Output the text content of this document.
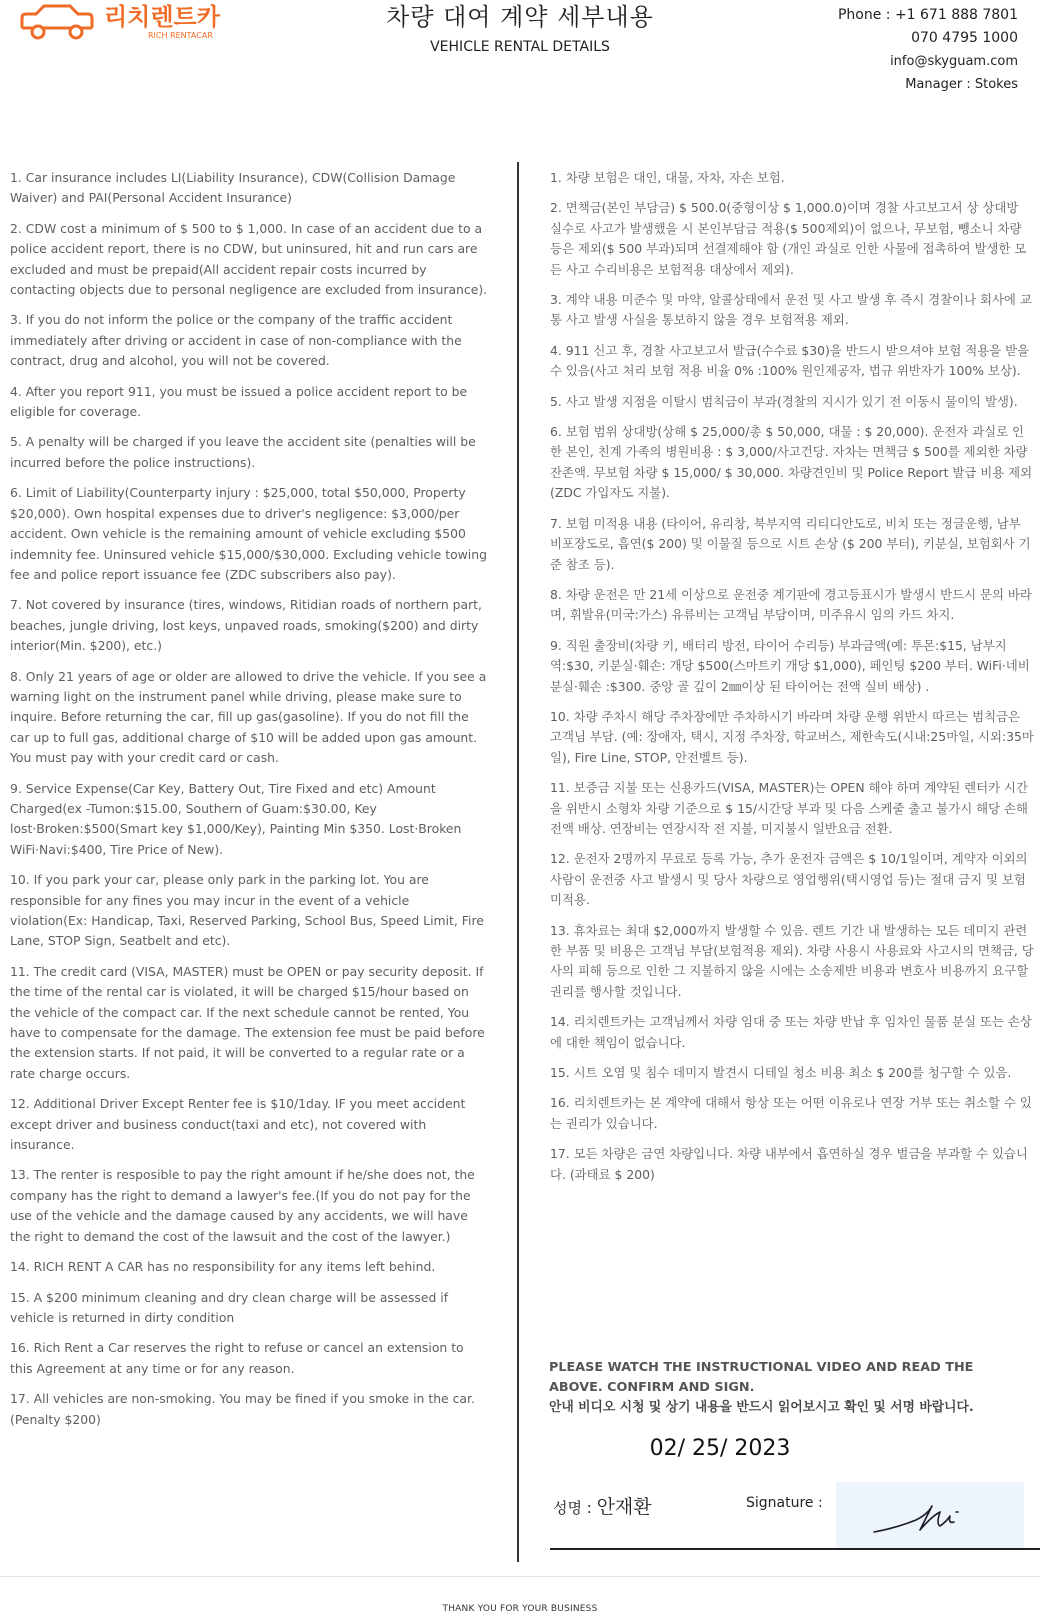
리치렌트카
RICH RENTACAR
차량 대여 계약 세부내용
VEHICLE RENTAL DETAILS
Phone : +1 671 888 7801
070 4795 1000
info@skyguam.com
Manager : Stokes

1. Car insurance includes LI(Liability Insurance), CDW(Collision Damage Waiver) and PAI(Personal Accident Insurance)

2. CDW cost a minimum of $ 500 to $ 1,000. In case of an accident due to a police accident report, there is no CDW, but uninsured, hit and run cars are excluded and must be prepaid(All accident repair costs incurred by contacting objects due to personal negligence are excluded from insurance).

3. If you do not inform the police or the company of the traffic accident immediately after driving or accident in case of non-compliance with the contract, drug and alcohol, you will not be covered.

4. After you report 911, you must be issued a police accident report to be eligible for coverage.

5. A penalty will be charged if you leave the accident site (penalties will be incurred before the police instructions).

6. Limit of Liability(Counterparty injury : $25,000, total $50,000, Property $20,000). Own hospital expenses due to driver's negligence: $3,000/per accident. Own vehicle is the remaining amount of vehicle excluding $500 indemnity fee. Uninsured vehicle $15,000/$30,000. Excluding vehicle towing fee and police report issuance fee (ZDC subscribers also pay).

7. Not covered by insurance (tires, windows, Ritidian roads of northern part, beaches, jungle driving, lost keys, unpaved roads, smoking($200) and dirty interior(Min. $200), etc.)

8. Only 21 years of age or older are allowed to drive the vehicle. If you see a warning light on the instrument panel while driving, please make sure to inquire. Before returning the car, fill up gas(gasoline). If you do not fill the car up to full gas, additional charge of $10 will be added upon gas amount. You must pay with your credit card or cash.

9. Service Expense(Car Key, Battery Out, Tire Fixed and etc) Amount Charged(ex -Tumon:$15.00, Southern of Guam:$30.00, Key lost·Broken:$500(Smart key $1,000/Key), Painting Min $350. Lost·Broken WiFi·Navi:$400, Tire Price of New).

10. If you park your car, please only park in the parking lot. You are responsible for any fines you may incur in the event of a vehicle violation(Ex: Handicap, Taxi, Reserved Parking, School Bus, Speed Limit, Fire Lane, STOP Sign, Seatbelt and etc).

11. The credit card (VISA, MASTER) must be OPEN or pay security deposit. If the time of the rental car is violated, it will be charged $15/hour based on the vehicle of the compact car. If the next schedule cannot be rented, You have to compensate for the damage. The extension fee must be paid before the extension starts. If not paid, it will be converted to a regular rate or a rate charge occurs.

12. Additional Driver Except Renter fee is $10/1day. IF you meet accident except driver and business conduct(taxi and etc), not covered with insurance.

13. The renter is resposible to pay the right amount if he/she does not, the company has the right to demand a lawyer's fee.(If you do not pay for the use of the vehicle and the damage caused by any accidents, we will have the right to demand the cost of the lawsuit and the cost of the lawyer.)

14. RICH RENT A CAR has no responsibility for any items left behind.

15. A $200 minimum cleaning and dry clean charge will be assessed if vehicle is returned in dirty condition

16. Rich Rent a Car reserves the right to refuse or cancel an extension to this Agreement at any time or for any reason.

17. All vehicles are non-smoking. You may be fined if you smoke in the car. (Penalty $200)

1. 차량 보험은 대인, 대물, 자차, 자손 보험.

2. 면책금(본인 부담금) $ 500.0(중형이상 $ 1,000.0)이며 경찰 사고보고서 상 상대방 실수로 사고가 발생했을 시 본인부담금 적용($ 500제외)이 없으나, 무보험, 뺑소니 차량 등은 제외($ 500 부과)되며 선결제해야 함 (개인 과실로 인한 사물에 접촉하여 발생한 모든 사고 수리비용은 보험적용 대상에서 제외).

3. 계약 내용 미준수 및 마약, 알콜상태에서 운전 및 사고 발생 후 즉시 경찰이나 회사에 교통 사고 발생 사실을 통보하지 않을 경우 보험적용 제외.

4. 911 신고 후, 경찰 사고보고서 발급(수수료 $30)을 반드시 받으셔야 보험 적용을 받을 수 있음(사고 처리 보험 적용 비율 0% :100% 원인제공자, 법규 위반자가 100% 보상).

5. 사고 발생 지점을 이탈시 범칙금이 부과(경찰의 지시가 있기 전 이동시 물이익 발생).

6. 보험 범위 상대방(상해 $ 25,000/총 $ 50,000, 대물 : $ 20,000). 운전자 과실로 인한 본인, 친계 가족의 병원비용 : $ 3,000/사고건당. 자차는 면책금 $ 500를 제외한 차량 잔존액. 무보험 차량 $ 15,000/ $ 30,000. 차량견인비 및 Police Report 발급 비용 제외 (ZDC 가입자도 지불).

7. 보험 미적용 내용 (타이어, 유리창, 북부지역 리티디안도로, 비치 또는 정글운행, 남부 비포장도로, 흡연($ 200) 및 이물질 등으로 시트 손상 ($ 200 부터), 키분실, 보험회사 기준 참조 등).

8. 차량 운전은 만 21세 이상으로 운전중 계기판에 경고등표시가 발생시 반드시 문의 바라며, 휘발유(미국:가스) 유류비는 고객님 부담이며, 미주유시 임의 카드 차지.

9. 직원 출장비(차량 키, 배터리 방전, 타이어 수리등) 부과금액(예: 투몬:$15, 남부지역:$30, 키분실·훼손: 개당 $500(스마트키 개당 $1,000), 페인팅 $200 부터. WiFi·네비 분실·훼손 :$300. 중앙 골 깊이 2㎜이상 된 타이어는 전액 실비 배상) .

10. 차량 주차시 해당 주차장에만 주차하시기 바라며 차량 운행 위반시 따르는 범칙금은 고객님 부담. (예: 장애자, 택시, 지정 주차장, 학교버스, 제한속도(시내:25마일, 시외:35마일), Fire Line, STOP, 안전벨트 등).

11. 보증금 지불 또는 신용카드(VISA, MASTER)는 OPEN 해야 하며 계약된 렌터카 시간을 위반시 소형차 차량 기준으로 $ 15/시간당 부과 및 다음 스케줄 출고 불가시 해당 손해 전액 배상. 연장비는 연장시작 전 지불, 미지불시 일반요금 전환.

12. 운전자 2명까지 무료로 등록 가능, 추가 운전자 금액은 $ 10/1일이며, 계약자 이외의 사람이 운전중 사고 발생시 및 당사 차량으로 영업행위(택시영업 등)는 절대 금지 및 보험 미적용.

13. 휴차료는 최대 $2,000까지 발생할 수 있음. 렌트 기간 내 발생하는 모든 데미지 관련한 부품 및 비용은 고객님 부담(보험적용 제외). 차량 사용시 사용료와 사고시의 면책금, 당사의 피해 등으로 인한 그 지불하지 않을 시에는 소송제반 비용과 변호사 비용까지 요구할 권리를 행사할 것입니다.

14. 리치렌트카는 고객님께서 차량 임대 중 또는 차량 반납 후 임차인 물품 분실 또는 손상에 대한 책임이 없습니다.

15. 시트 오염 및 침수 데미지 발견시 디테일 청소 비용 최소 $ 200를 청구할 수 있음.

16. 리치렌트카는 본 계약에 대해서 항상 또는 어떤 이유로나 연장 거부 또는 취소할 수 있는 권리가 있습니다.

17. 모든 차량은 금연 차량입니다. 차량 내부에서 흡연하실 경우 벌금을 부과할 수 있습니다. (과태료 $ 200)

PLEASE WATCH THE INSTRUCTIONAL VIDEO AND READ THE ABOVE. CONFIRM AND SIGN.
안내 비디오 시청 및 상기 내용을 반드시 읽어보시고 확인 및 서명 바랍니다.
02/ 25/ 2023
성명 : 안재환	Signature :
THANK YOU FOR YOUR BUSINESS
